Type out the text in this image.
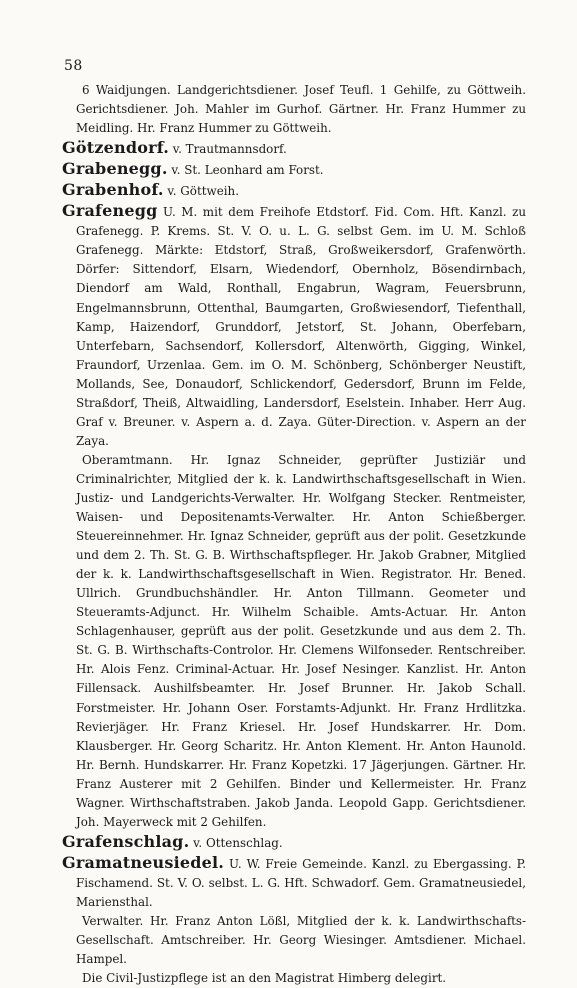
58

6 Waidjungen. Landgerichtsdiener. Josef Teufl. 1 Gehilfe, zu Göttweih. Gerichtsdiener. Joh. Mahler im Gurhof. Gärtner. Hr. Franz Hummer zu Meidling. Hr. Franz Hummer zu Göttweih.

Götzendorf. v. Trautmannsdorf.

Grabenegg. v. St. Leonhard am Forst.

Grabenhof. v. Göttweih.

Grafenegg U. M. mit dem Freihofe Etdstorf. Fid. Com. Hft. Kanzl. zu Grafenegg. P. Krems. St. V. O. u. L. G. selbst Gem. im U. M. Schloß Grafenegg. Märkte: Etdstorf, Straß, Großweikersdorf, Grafenwörth. Dörfer: Sittendorf, Elsarn, Wiedendorf, Obernholz, Bösendirnbach, Diendorf am Wald, Ronthall, Engabrun, Wagram, Feuersbrunn, Engelmannsbrunn, Ottenthal, Baumgarten, Großwiesendorf, Tiefenthall, Kamp, Haizendorf, Grunddorf, Jetstorf, St. Johann, Oberfebarn, Unterfebarn, Sachsendorf, Kollersdorf, Altenwörth, Gigging, Winkel, Fraundorf, Urzenlaa. Gem. im O. M. Schönberg, Schönberger Neustift, Mollands, See, Donaudorf, Schlickendorf, Gedersdorf, Brunn im Felde, Straßdorf, Theiß, Altwaidling, Landersdorf, Eselstein. Inhaber. Herr Aug. Graf v. Breuner. v. Aspern a. d. Zaya. Güter-Direction. v. Aspern an der Zaya.

Oberamtmann. Hr. Ignaz Schneider, geprüfter Justiziär und Criminalrichter, Mitglied der k. k. Landwirthschaftsgesellschaft in Wien. Justiz- und Landgerichts-Verwalter. Hr. Wolfgang Stecker. Rentmeister, Waisen- und Depositenamts-Verwalter. Hr. Anton Schießberger. Steuereinnehmer. Hr. Ignaz Schneider, geprüft aus der polit. Gesetzkunde und dem 2. Th. St. G. B. Wirthschaftspfleger. Hr. Jakob Grabner, Mitglied der k. k. Landwirthschaftsgesellschaft in Wien. Registrator. Hr. Bened. Ullrich. Grundbuchshändler. Hr. Anton Tillmann. Geometer und Steueramts-Adjunct. Hr. Wilhelm Schaible. Amts-Actuar. Hr. Anton Schlagenhauser, geprüft aus der polit. Gesetzkunde und aus dem 2. Th. St. G. B. Wirthschafts-Controlor. Hr. Clemens Wilfonseder. Rentschreiber. Hr. Alois Fenz. Criminal-Actuar. Hr. Josef Nesinger. Kanzlist. Hr. Anton Fillensack. Aushilfsbeamter. Hr. Josef Brunner. Hr. Jakob Schall. Forstmeister. Hr. Johann Oser. Forstamts-Adjunkt. Hr. Franz Hrdlitzka. Revierjäger. Hr. Franz Kriesel. Hr. Josef Hundskarrer. Hr. Dom. Klausberger. Hr. Georg Scharitz. Hr. Anton Klement. Hr. Anton Haunold. Hr. Bernh. Hundskarrer. Hr. Franz Kopetzki. 17 Jägerjungen. Gärtner. Hr. Franz Austerer mit 2 Gehilfen. Binder und Kellermeister. Hr. Franz Wagner. Wirthschaftstraben. Jakob Janda. Leopold Gapp. Gerichtsdiener. Joh. Mayerweck mit 2 Gehilfen.

Grafenschlag. v. Ottenschlag.

Gramatneusiedel. U. W. Freie Gemeinde. Kanzl. zu Ebergassing. P. Fischamend. St. V. O. selbst. L. G. Hft. Schwadorf. Gem. Gramatneusiedel, Mariensthal.

Verwalter. Hr. Franz Anton Lößl, Mitglied der k. k. Landwirthschafts-Gesellschaft. Amtschreiber. Hr. Georg Wiesinger. Amtsdiener. Michael. Hampel.

Die Civil-Justizpflege ist an den Magistrat Himberg delegirt.
